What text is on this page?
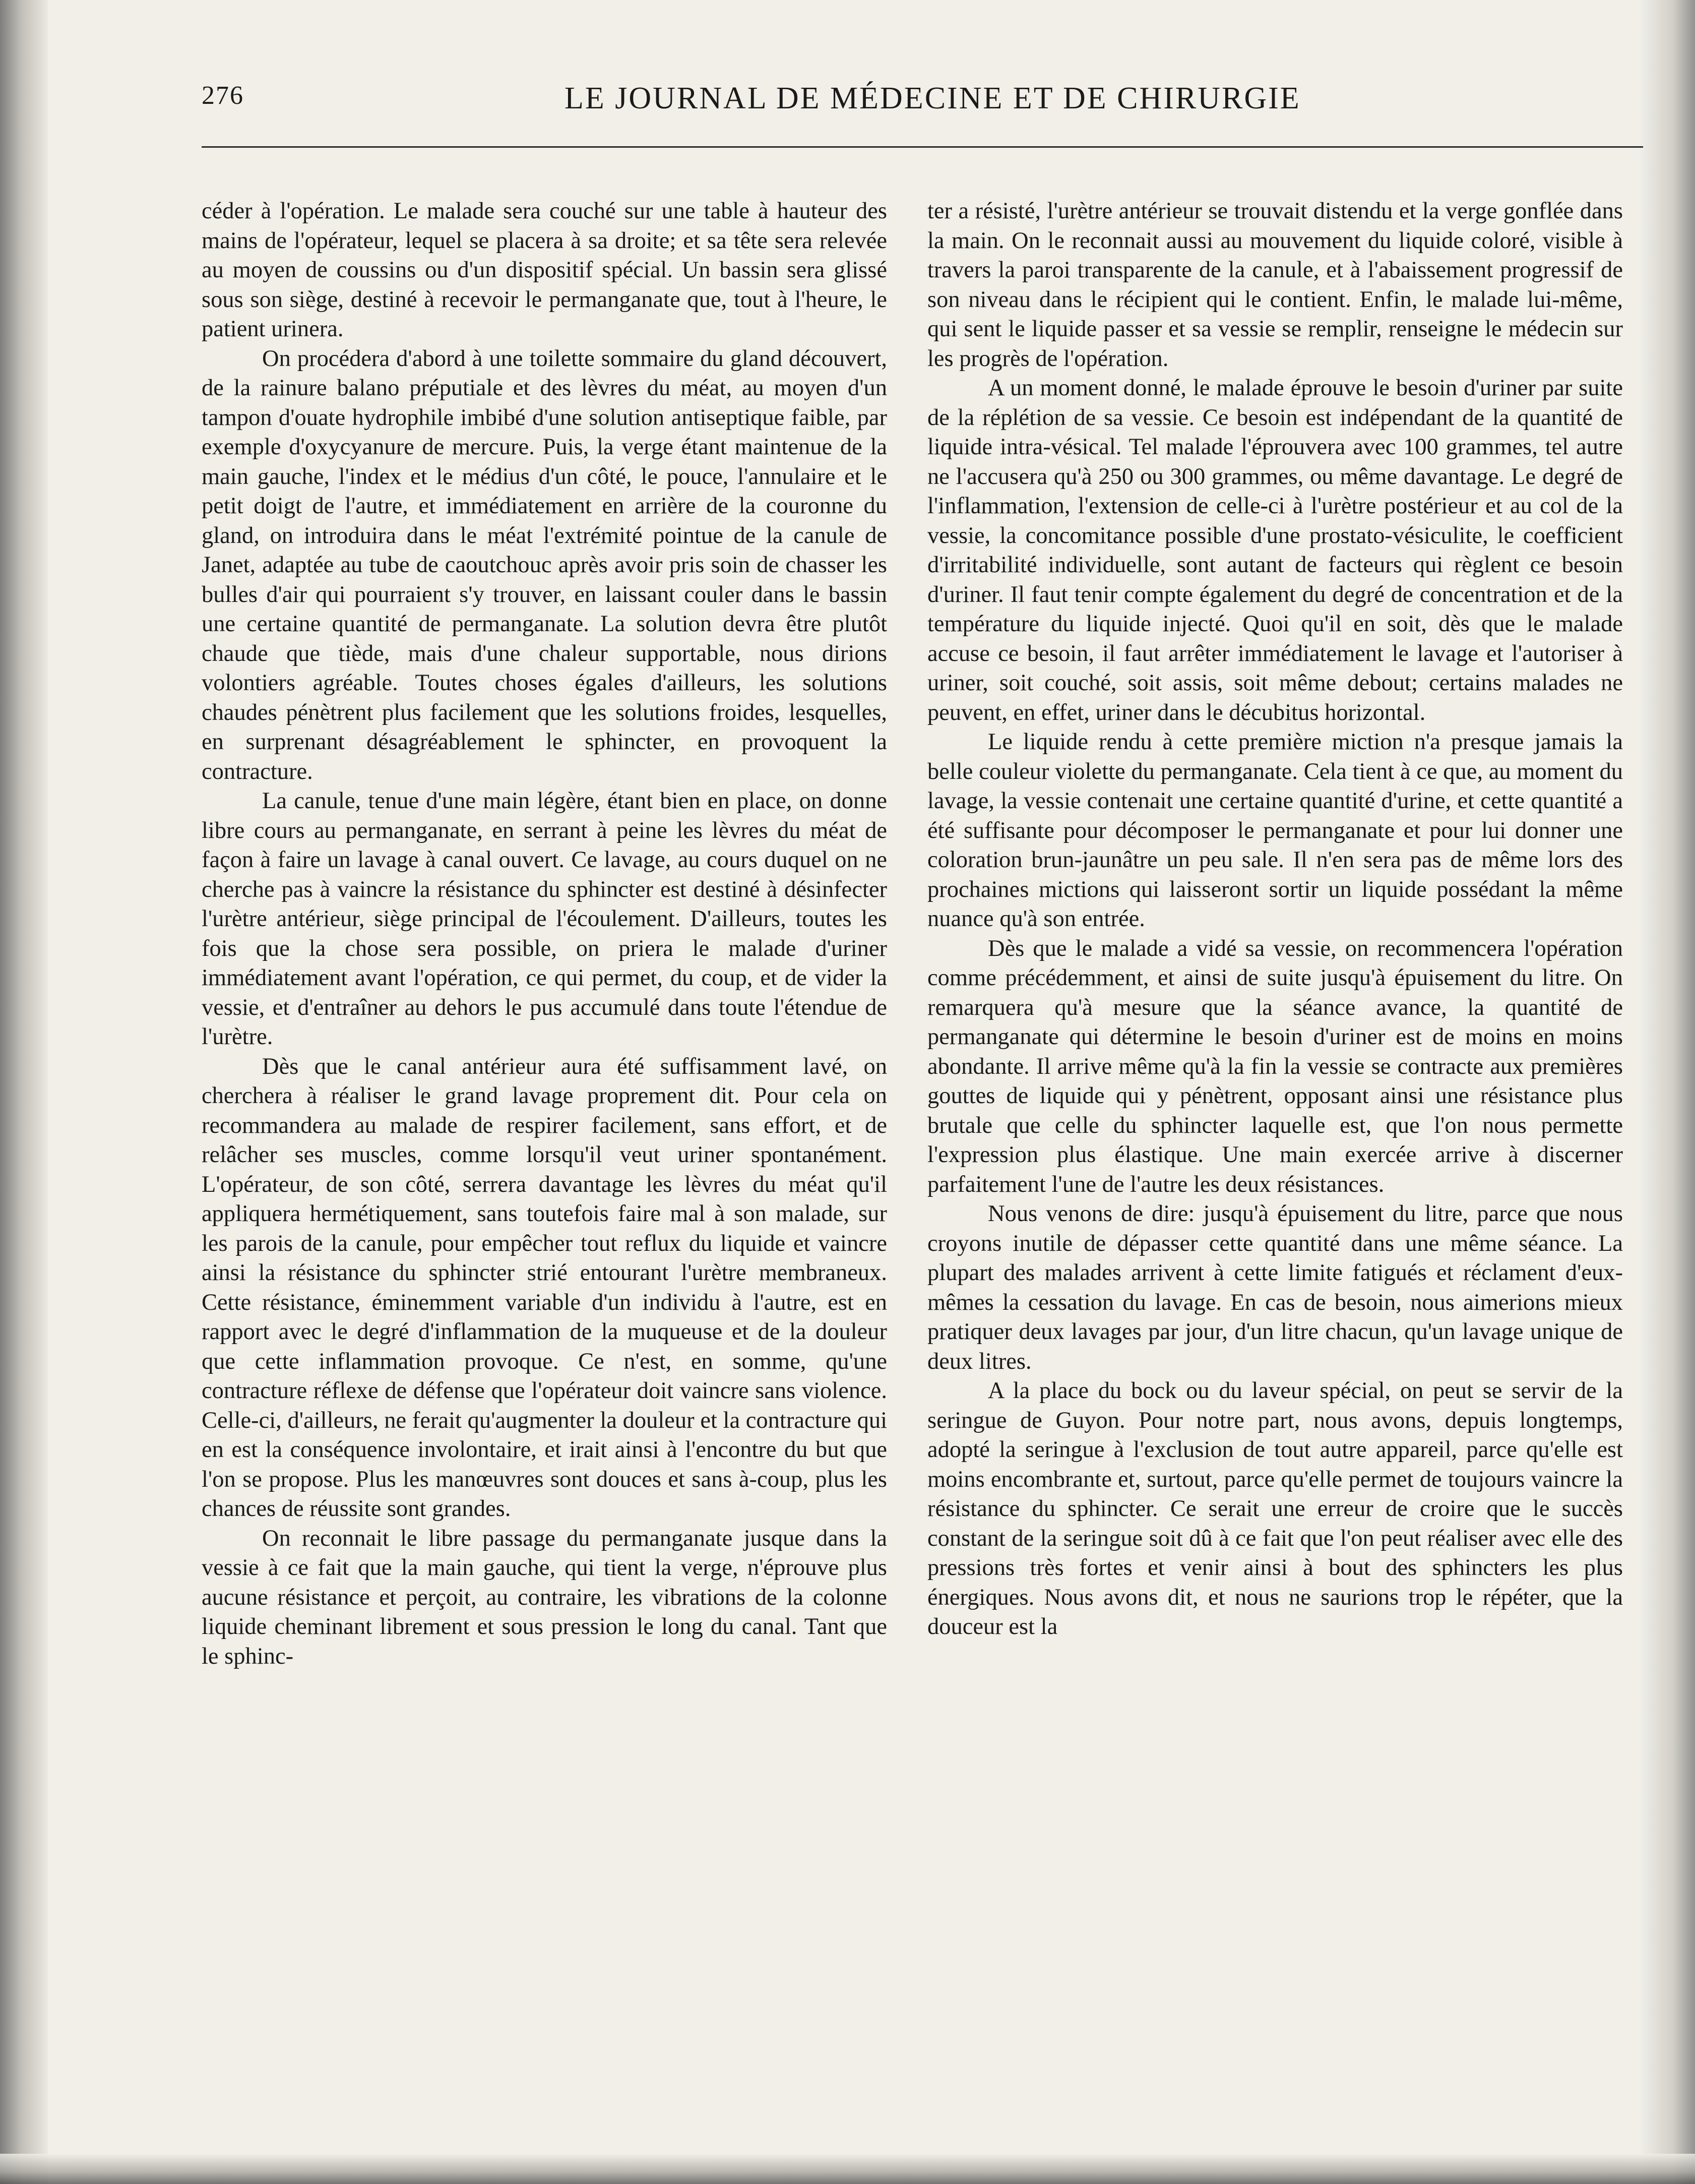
276	LE JOURNAL DE MÉDECINE ET DE CHIRURGIE

céder à l'opération. Le malade sera couché sur une table à hauteur des mains de l'opérateur, lequel se placera à sa droite; et sa tête sera relevée au moyen de coussins ou d'un dispositif spécial. Un bassin sera glissé sous son siège, destiné à recevoir le permanganate que, tout à l'heure, le patient urinera.

On procédera d'abord à une toilette sommaire du gland découvert, de la rainure balano préputiale et des lèvres du méat, au moyen d'un tampon d'ouate hydrophile imbibé d'une solution antiseptique faible, par exemple d'oxycyanure de mercure. Puis, la verge étant maintenue de la main gauche, l'index et le médius d'un côté, le pouce, l'annulaire et le petit doigt de l'autre, et immédiatement en arrière de la couronne du gland, on introduira dans le méat l'extrémité pointue de la canule de Janet, adaptée au tube de caoutchouc après avoir pris soin de chasser les bulles d'air qui pourraient s'y trouver, en laissant couler dans le bassin une certaine quantité de permanganate. La solution devra être plutôt chaude que tiède, mais d'une chaleur supportable, nous dirions volontiers agréable. Toutes choses égales d'ailleurs, les solutions chaudes pénètrent plus facilement que les solutions froides, lesquelles, en surprenant désagréablement le sphincter, en provoquent la contracture.

La canule, tenue d'une main légère, étant bien en place, on donne libre cours au permanganate, en serrant à peine les lèvres du méat de façon à faire un lavage à canal ouvert. Ce lavage, au cours duquel on ne cherche pas à vaincre la résistance du sphincter est destiné à désinfecter l'urètre antérieur, siège principal de l'écoulement. D'ailleurs, toutes les fois que la chose sera possible, on priera le malade d'uriner immédiatement avant l'opération, ce qui permet, du coup, et de vider la vessie, et d'entraîner au dehors le pus accumulé dans toute l'étendue de l'urètre.

Dès que le canal antérieur aura été suffisamment lavé, on cherchera à réaliser le grand lavage proprement dit. Pour cela on recommandera au malade de respirer facilement, sans effort, et de relâcher ses muscles, comme lorsqu'il veut uriner spontanément. L'opérateur, de son côté, serrera davantage les lèvres du méat qu'il appliquera hermétiquement, sans toutefois faire mal à son malade, sur les parois de la canule, pour empêcher tout reflux du liquide et vaincre ainsi la résistance du sphincter strié entourant l'urètre membraneux. Cette résistance, éminemment variable d'un individu à l'autre, est en rapport avec le degré d'inflammation de la muqueuse et de la douleur que cette inflammation provoque. Ce n'est, en somme, qu'une contracture réflexe de défense que l'opérateur doit vaincre sans violence. Celle-ci, d'ailleurs, ne ferait qu'augmenter la douleur et la contracture qui en est la conséquence involontaire, et irait ainsi à l'encontre du but que l'on se propose. Plus les manœuvres sont douces et sans à-coup, plus les chances de réussite sont grandes.

On reconnait le libre passage du permanganate jusque dans la vessie à ce fait que la main gauche, qui tient la verge, n'éprouve plus aucune résistance et perçoit, au contraire, les vibrations de la colonne liquide cheminant librement et sous pression le long du canal. Tant que le sphinc-

ter a résisté, l'urètre antérieur se trouvait distendu et la verge gonflée dans la main. On le reconnait aussi au mouvement du liquide coloré, visible à travers la paroi transparente de la canule, et à l'abaissement progressif de son niveau dans le récipient qui le contient. Enfin, le malade lui-même, qui sent le liquide passer et sa vessie se remplir, renseigne le médecin sur les progrès de l'opération.

A un moment donné, le malade éprouve le besoin d'uriner par suite de la réplétion de sa vessie. Ce besoin est indépendant de la quantité de liquide intra-vésical. Tel malade l'éprouvera avec 100 grammes, tel autre ne l'accusera qu'à 250 ou 300 grammes, ou même davantage. Le degré de l'inflammation, l'extension de celle-ci à l'urètre postérieur et au col de la vessie, la concomitance possible d'une prostato-vésiculite, le coefficient d'irritabilité individuelle, sont autant de facteurs qui règlent ce besoin d'uriner. Il faut tenir compte également du degré de concentration et de la température du liquide injecté. Quoi qu'il en soit, dès que le malade accuse ce besoin, il faut arrêter immédiatement le lavage et l'autoriser à uriner, soit couché, soit assis, soit même debout; certains malades ne peuvent, en effet, uriner dans le décubitus horizontal.

Le liquide rendu à cette première miction n'a presque jamais la belle couleur violette du permanganate. Cela tient à ce que, au moment du lavage, la vessie contenait une certaine quantité d'urine, et cette quantité a été suffisante pour décomposer le permanganate et pour lui donner une coloration brun-jaunâtre un peu sale. Il n'en sera pas de même lors des prochaines mictions qui laisseront sortir un liquide possédant la même nuance qu'à son entrée.

Dès que le malade a vidé sa vessie, on recommencera l'opération comme précédemment, et ainsi de suite jusqu'à épuisement du litre. On remarquera qu'à mesure que la séance avance, la quantité de permanganate qui détermine le besoin d'uriner est de moins en moins abondante. Il arrive même qu'à la fin la vessie se contracte aux premières gouttes de liquide qui y pénètrent, opposant ainsi une résistance plus brutale que celle du sphincter laquelle est, que l'on nous permette l'expression plus élastique. Une main exercée arrive à discerner parfaitement l'une de l'autre les deux résistances.

Nous venons de dire: jusqu'à épuisement du litre, parce que nous croyons inutile de dépasser cette quantité dans une même séance. La plupart des malades arrivent à cette limite fatigués et réclament d'eux-mêmes la cessation du lavage. En cas de besoin, nous aimerions mieux pratiquer deux lavages par jour, d'un litre chacun, qu'un lavage unique de deux litres.

A la place du bock ou du laveur spécial, on peut se servir de la seringue de Guyon. Pour notre part, nous avons, depuis longtemps, adopté la seringue à l'exclusion de tout autre appareil, parce qu'elle est moins encombrante et, surtout, parce qu'elle permet de toujours vaincre la résistance du sphincter. Ce serait une erreur de croire que le succès constant de la seringue soit dû à ce fait que l'on peut réaliser avec elle des pressions très fortes et venir ainsi à bout des sphincters les plus énergiques. Nous avons dit, et nous ne saurions trop le répéter, que la douceur est la
